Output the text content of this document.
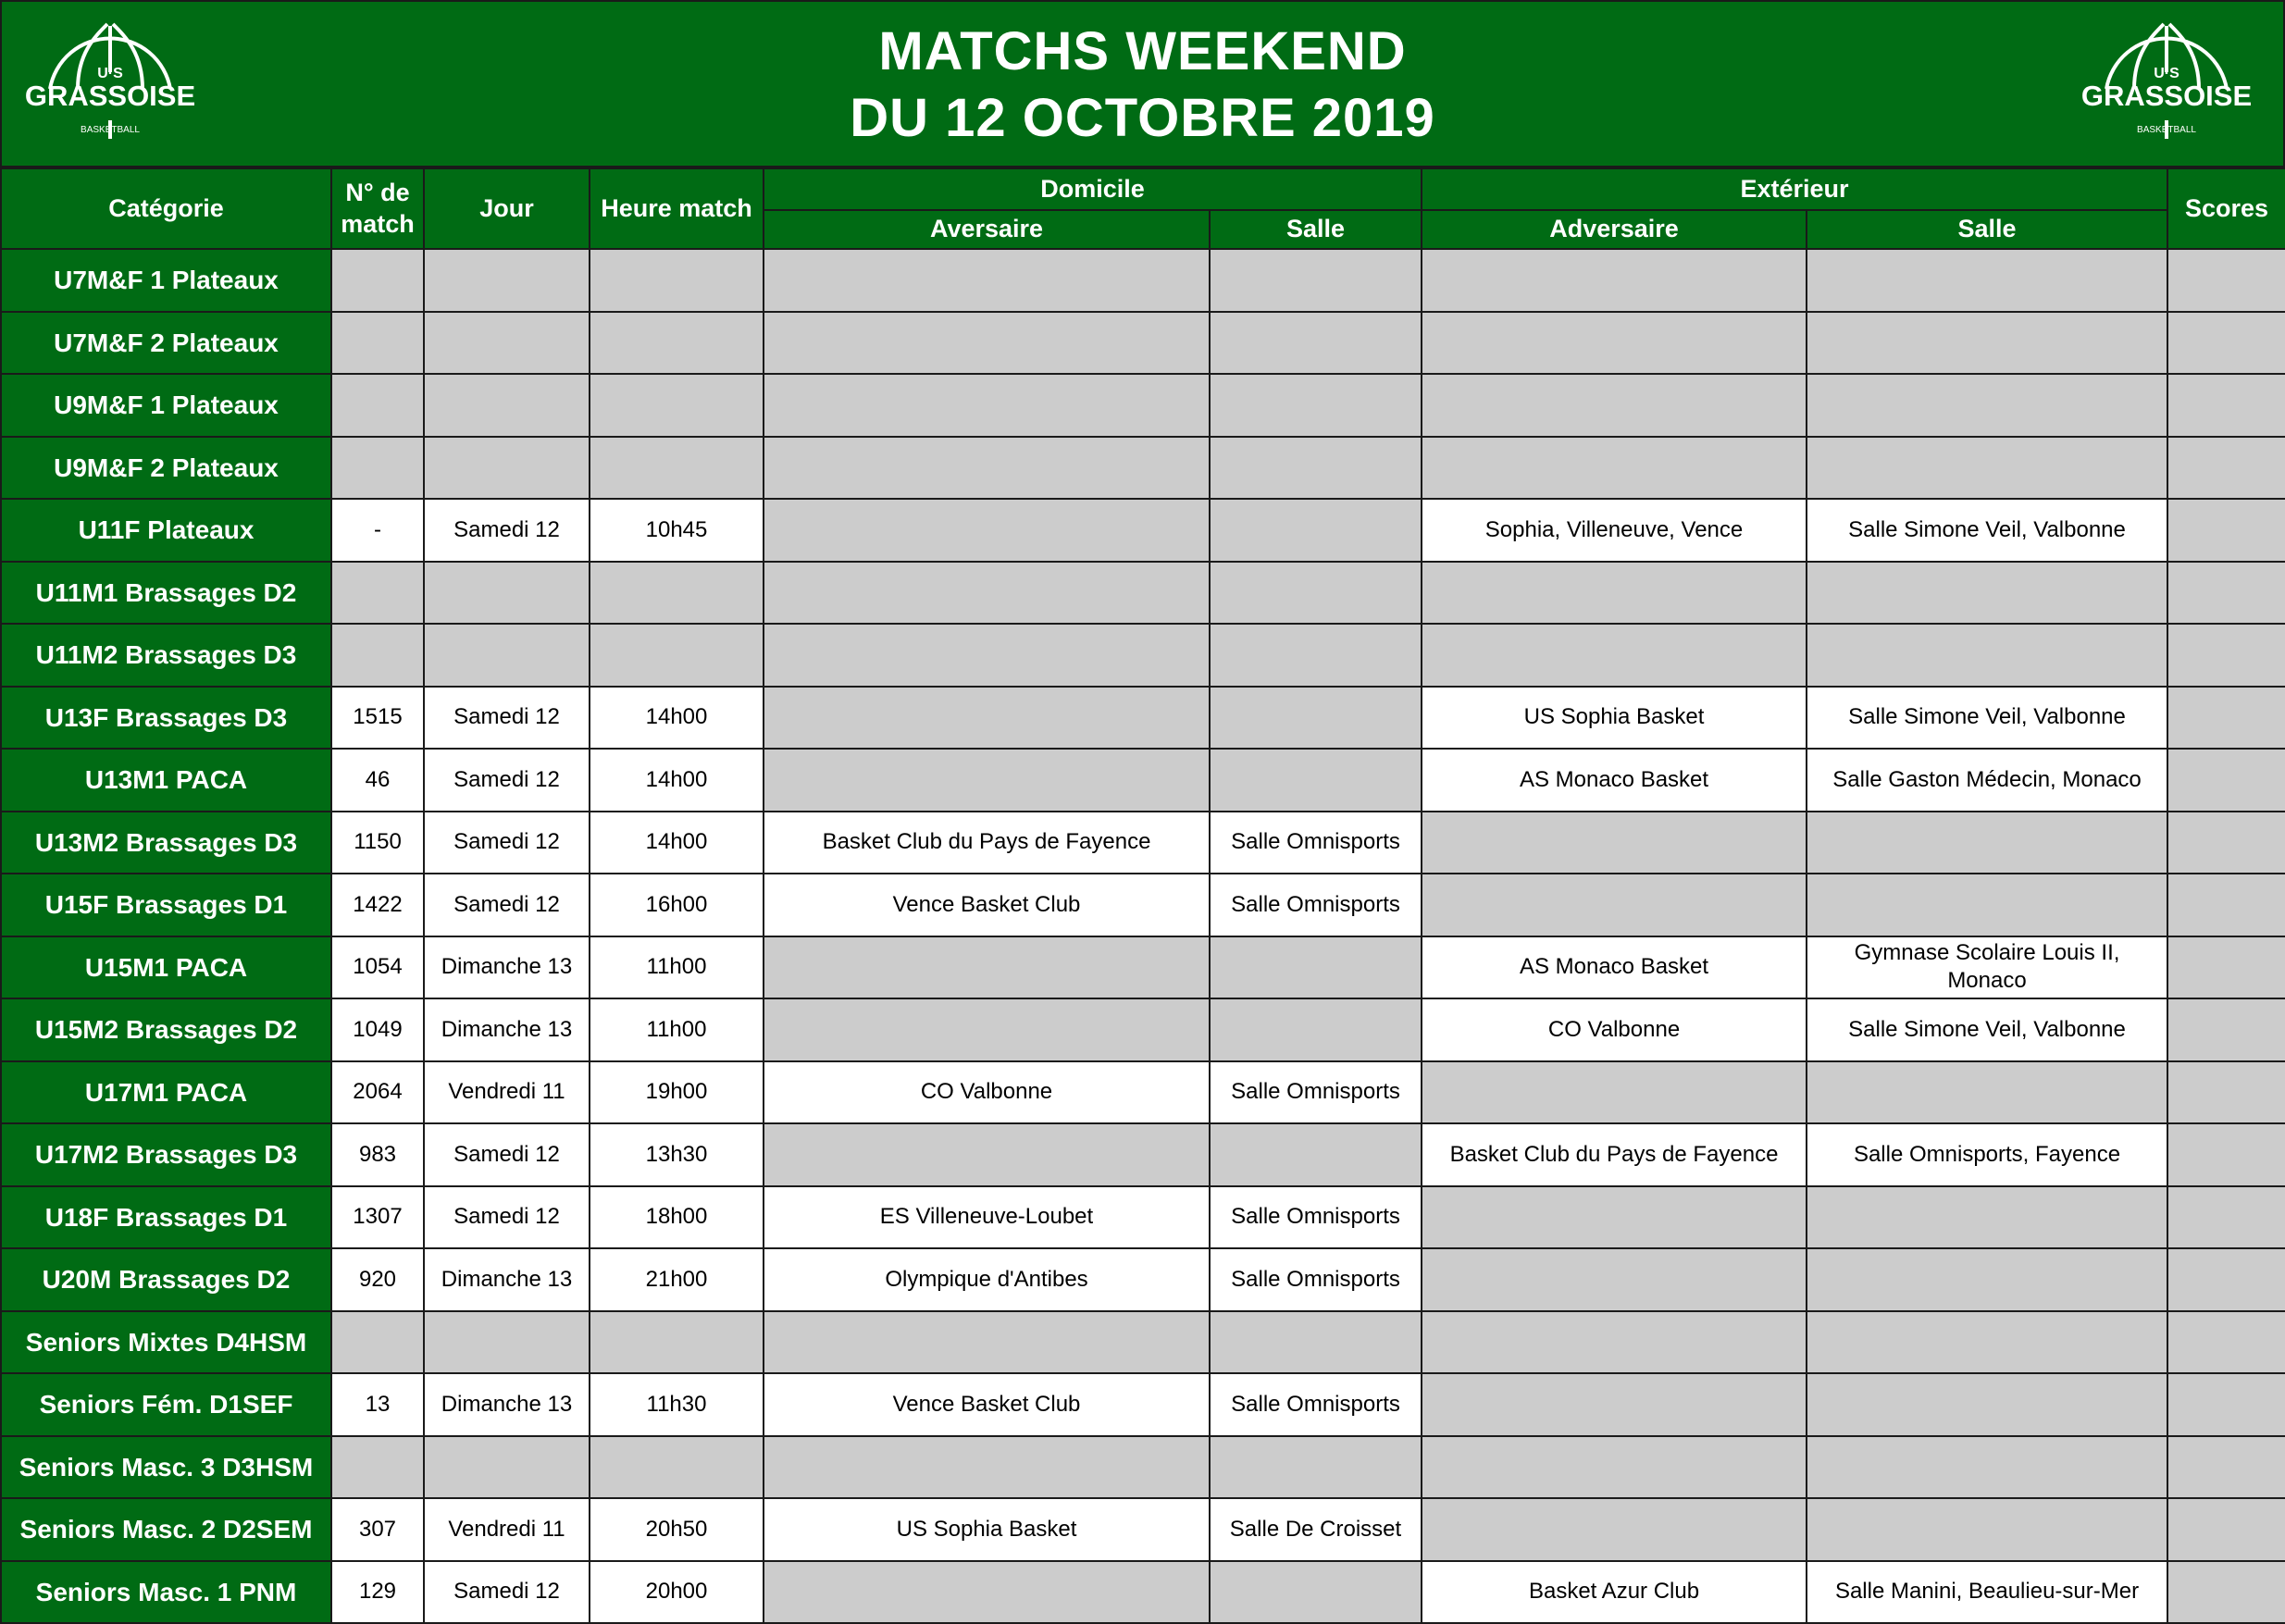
U·S
GRASSOISE
BASKETBALL
MATCHS WEEKEND
DU 12 OCTOBRE 2019
U·S
GRASSOISE
BASKETBALL
Catégorie	N° de match	Jour	Heure match	Domicile		Extérieur		Scores
				Aversaire	Salle	Adversaire	Salle	
U7M&F 1 Plateaux								
U7M&F 2 Plateaux								
U9M&F 1 Plateaux								
U9M&F 2 Plateaux								
U11F Plateaux	-	Samedi 12	10h45			Sophia, Villeneuve, Vence	Salle Simone Veil, Valbonne	
U11M1 Brassages D2								
U11M2 Brassages D3								
U13F Brassages D3	1515	Samedi 12	14h00			US Sophia Basket	Salle Simone Veil, Valbonne	
U13M1 PACA	46	Samedi 12	14h00			AS Monaco Basket	Salle Gaston Médecin, Monaco	
U13M2 Brassages D3	1150	Samedi 12	14h00	Basket Club du Pays de Fayence	Salle Omnisports			
U15F Brassages D1	1422	Samedi 12	16h00	Vence Basket Club	Salle Omnisports			
U15M1 PACA	1054	Dimanche 13	11h00			AS Monaco Basket	Gymnase Scolaire Louis II, Monaco	
U15M2 Brassages D2	1049	Dimanche 13	11h00			CO Valbonne	Salle Simone Veil, Valbonne	
U17M1 PACA	2064	Vendredi 11	19h00	CO Valbonne	Salle Omnisports			
U17M2 Brassages D3	983	Samedi 12	13h30			Basket Club du Pays de Fayence	Salle Omnisports, Fayence	
U18F Brassages D1	1307	Samedi 12	18h00	ES Villeneuve-Loubet	Salle Omnisports			
U20M Brassages D2	920	Dimanche 13	21h00	Olympique d'Antibes	Salle Omnisports			
Seniors Mixtes D4HSM								
Seniors Fém. D1SEF	13	Dimanche 13	11h30	Vence Basket Club	Salle Omnisports			
Seniors Masc. 3 D3HSM								
Seniors Masc. 2 D2SEM	307	Vendredi 11	20h50	US Sophia Basket	Salle De Croisset			
Seniors Masc. 1 PNM	129	Samedi 12	20h00			Basket Azur Club	Salle Manini, Beaulieu-sur-Mer	
